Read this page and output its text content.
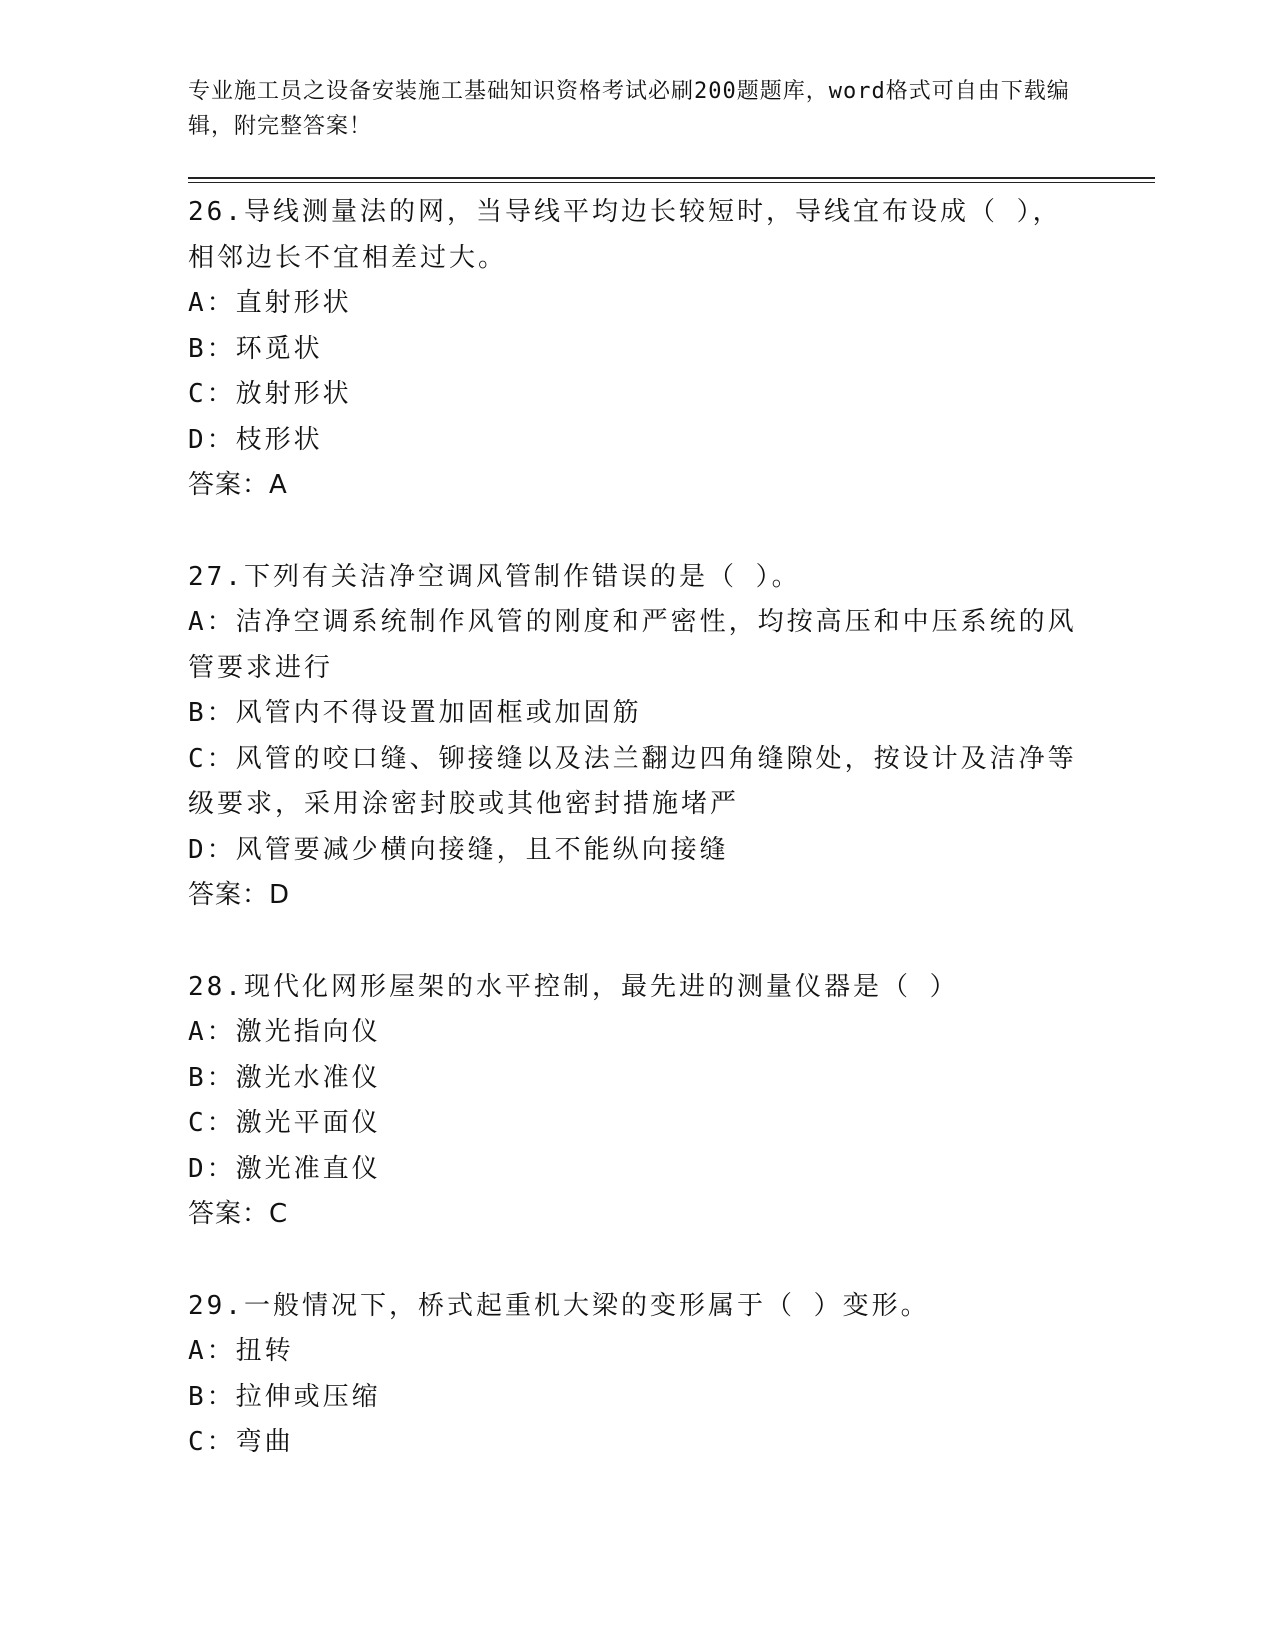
专业施工员之设备安装施工基础知识资格考试必刷200题题库，word格式可自由下载编辑，附完整答案！

26.导线测量法的网，当导线平均边长较短时，导线宜布设成（ ），相邻边长不宜相差过大。

A：直射形状

B：环觅状

C：放射形状

D：枝形状

答案：A

27.下列有关洁净空调风管制作错误的是（ ）。

A：洁净空调系统制作风管的刚度和严密性，均按高压和中压系统的风管要求进行

B：风管内不得设置加固框或加固筋

C：风管的咬口缝、铆接缝以及法兰翻边四角缝隙处，按设计及洁净等级要求，采用涂密封胶或其他密封措施堵严

D：风管要减少横向接缝，且不能纵向接缝

答案：D

28.现代化网形屋架的水平控制，最先进的测量仪器是（ ）

A：激光指向仪

B：激光水准仪

C：激光平面仪

D：激光准直仪

答案：C

29.一般情况下，桥式起重机大梁的变形属于（ ）变形。

A：扭转

B：拉伸或压缩

C：弯曲
